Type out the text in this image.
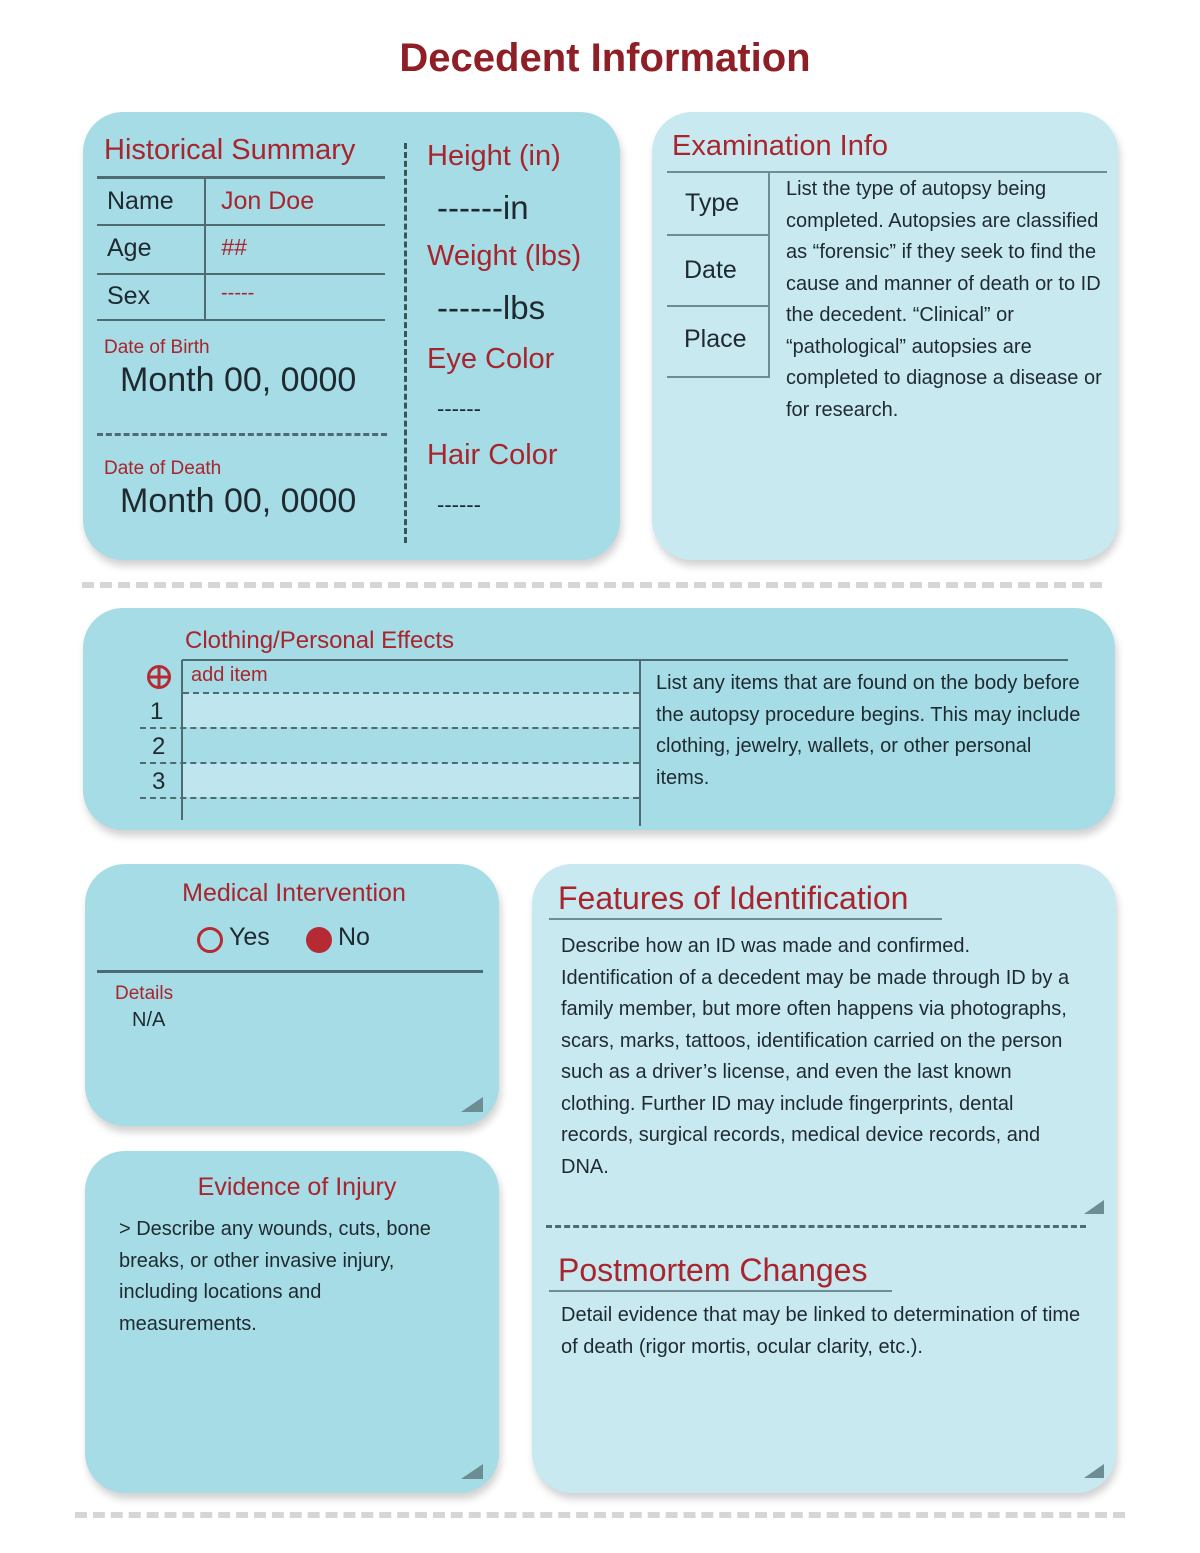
Decedent Information
Historical Summary
Name Jon Doe
Age	##
Sex	-----
Date of Birth
Month 00, 0000
Date of Death
Month 00, 0000
Height (in)
------in
Weight (lbs)
------lbs
Eye Color
------
Hair Color
------
Examination Info
Type
Date
Place
List the type of autopsy being completed. Autopsies are classified as “forensic” if they seek to find the cause and manner of death or to ID the decedent. “Clinical” or “pathological” autopsies are completed to diagnose a disease or for research.
Clothing/Personal Effects
add item
1
2
3
List any items that are found on the body before the autopsy procedure begins. This may include clothing, jewelry, wallets, or other personal items.
Medical Intervention
Yes	No
Details
N/A
Evidence of Injury
> Describe any wounds, cuts, bone breaks, or other invasive injury, including locations and measurements.
Features of Identification
Describe how an ID was made and confirmed. Identification of a decedent may be made through ID by a family member, but more often happens via photographs, scars, marks, tattoos, identification carried on the person such as a driver’s license, and even the last known clothing. Further ID may include fingerprints, dental records, surgical records, medical device records, and DNA.
Postmortem Changes
Detail evidence that may be linked to determination of time of death (rigor mortis, ocular clarity, etc.).
